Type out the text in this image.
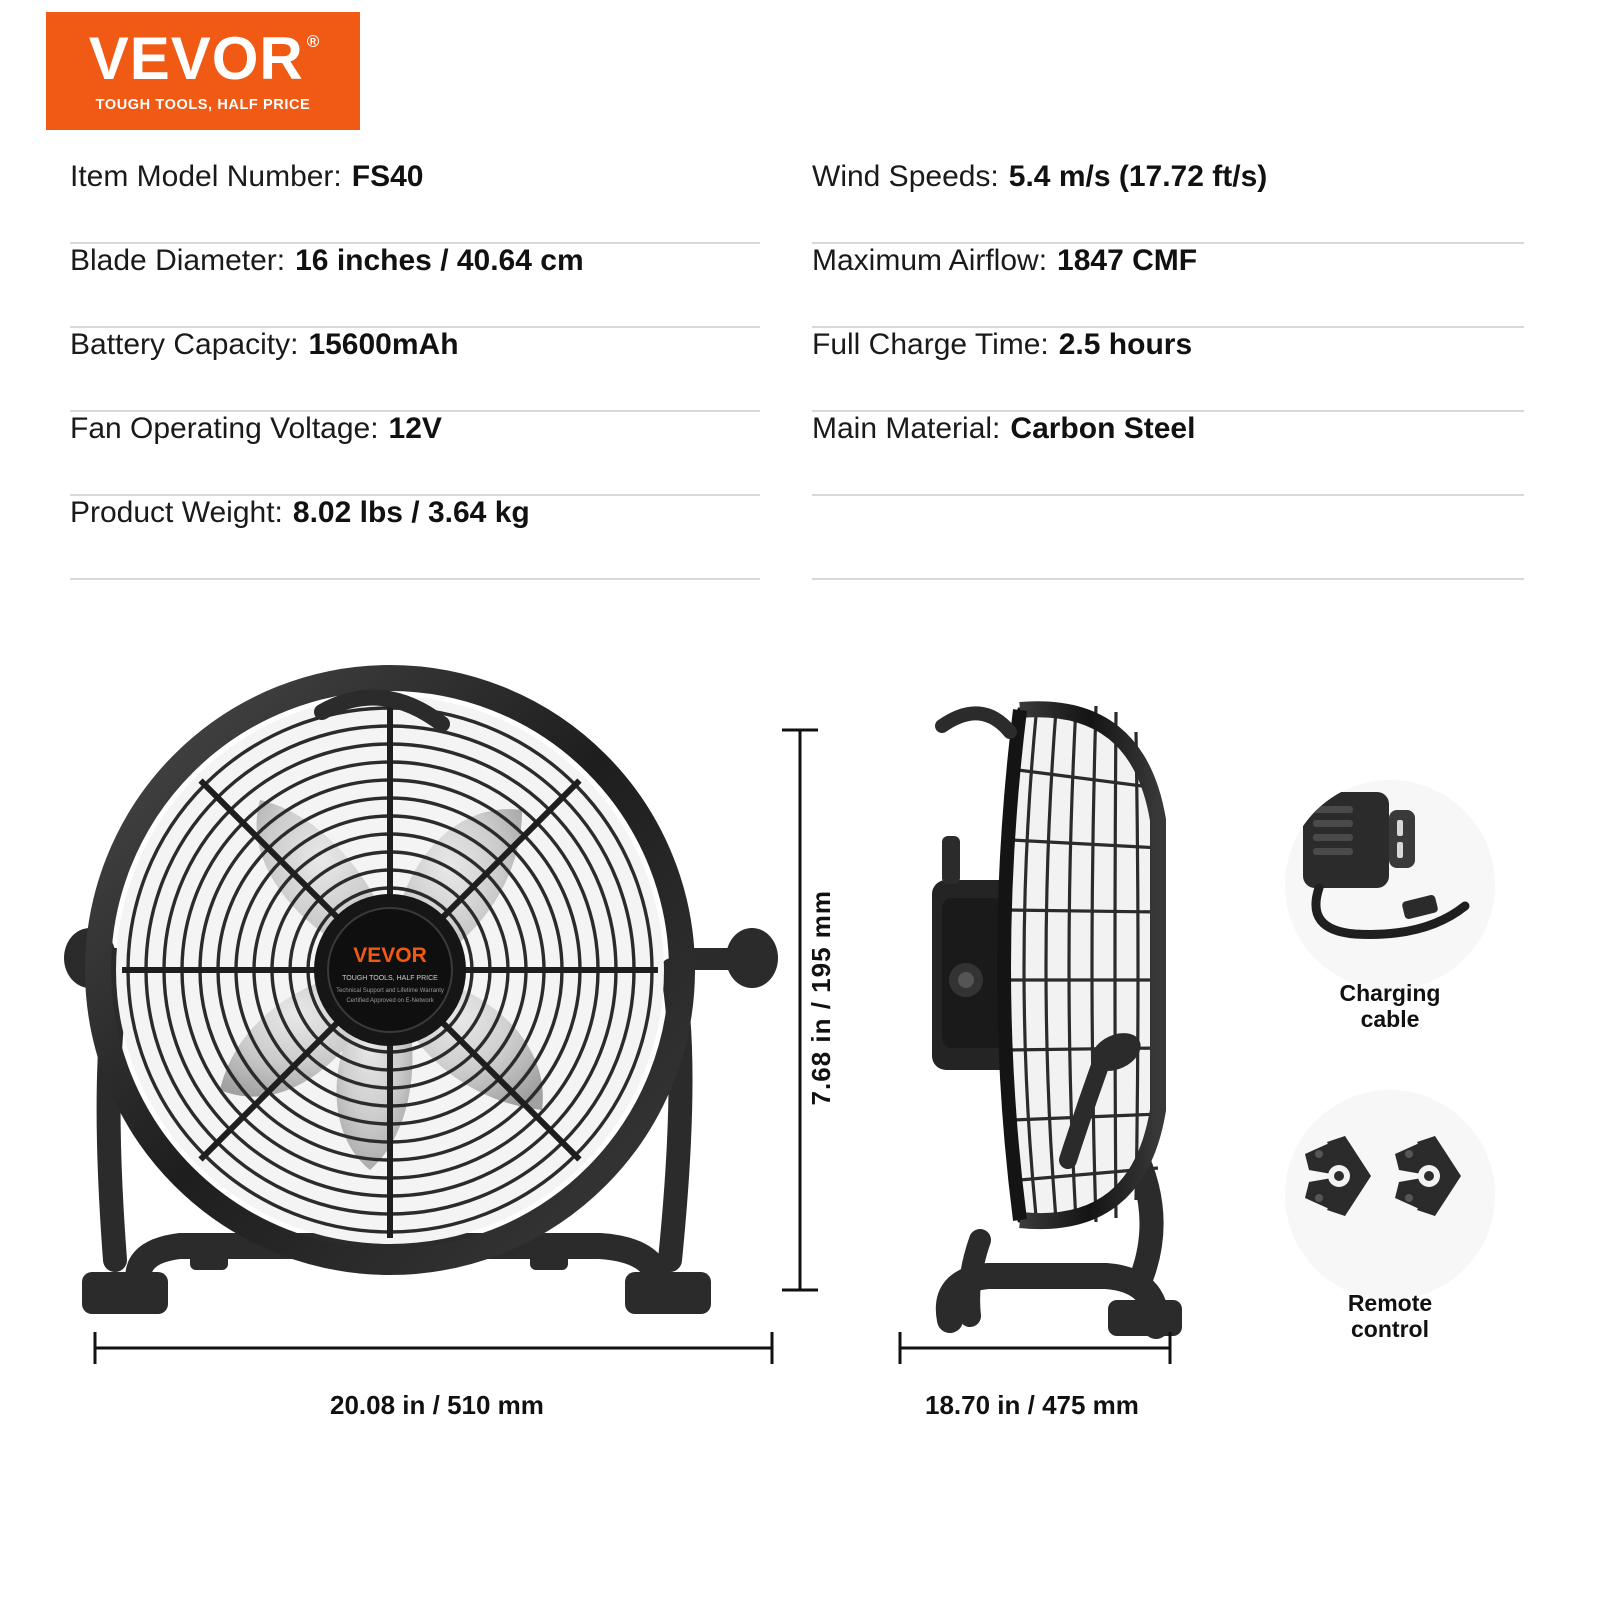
VEVOR ®
TOUGH TOOLS, HALF PRICE
Item Model Number: FS40
Blade Diameter: 16 inches / 40.64 cm
Battery Capacity: 15600mAh
Fan Operating Voltage: 12V
Product Weight: 8.02 lbs / 3.64 kg
Wind Speeds: 5.4 m/s (17.72 ft/s)
Maximum Airflow: 1847 CMF
Full Charge Time: 2.5 hours
Main Material: Carbon Steel
VEVOR
TOUGH TOOLS, HALF PRICE
Technical Support and Lifetime Warranty
Certified Approved on E-Network	7.68 in / 195 mm
20.08 in / 510 mm	18.70 in / 475 mm
Charging
cable
Remote
control
